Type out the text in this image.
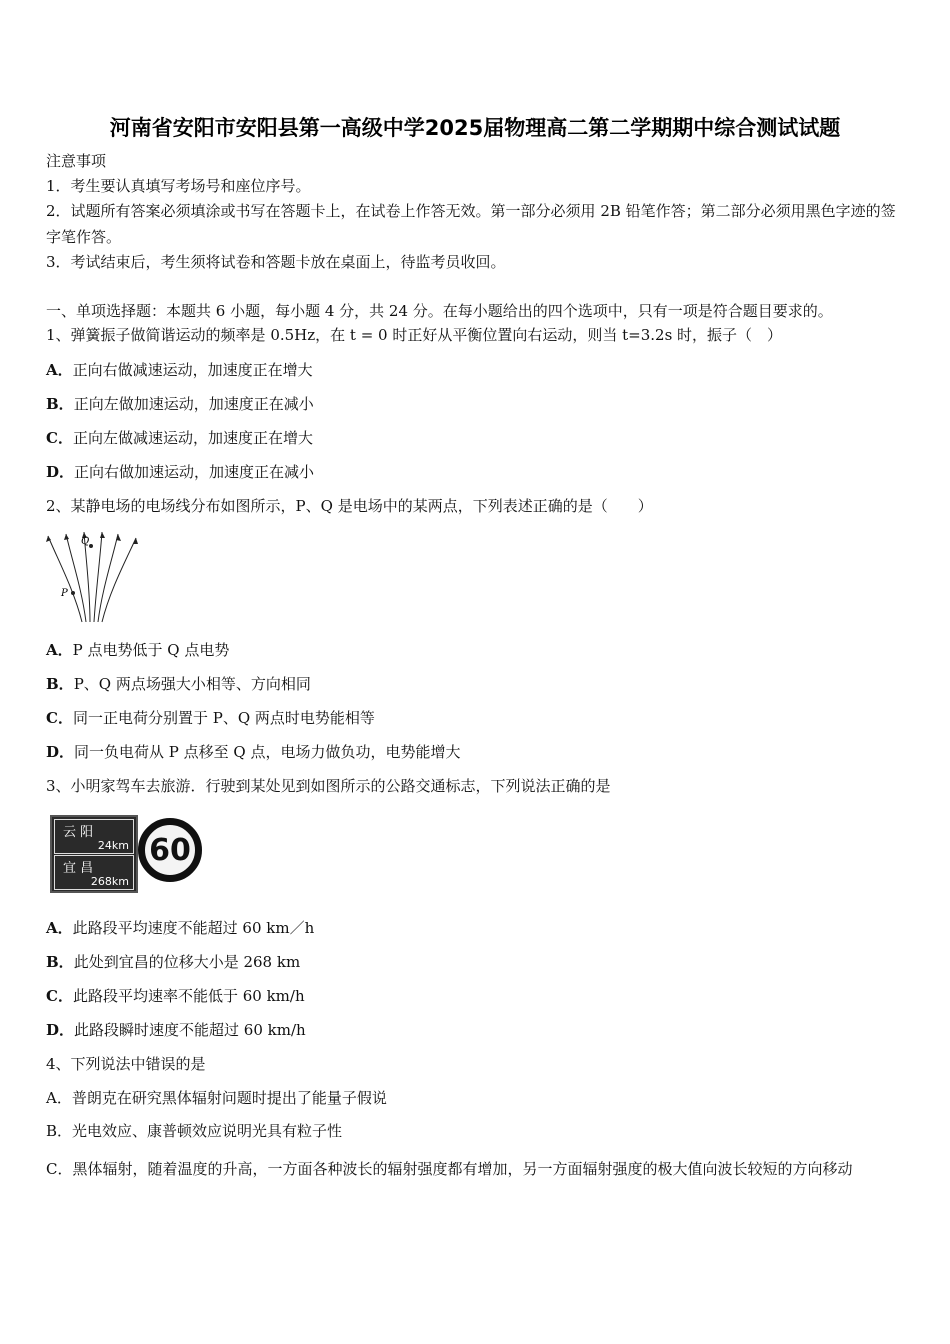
河南省安阳市安阳县第一高级中学2025届物理高二第二学期期中综合测试试题
注意事项
1．考生要认真填写考场号和座位序号。
2．试题所有答案必须填涂或书写在答题卡上，在试卷上作答无效。第一部分必须用 2B 铅笔作答；第二部分必须用黑色字迹的签字笔作答。
3．考试结束后，考生须将试卷和答题卡放在桌面上，待监考员收回。
一、单项选择题：本题共 6 小题，每小题 4 分，共 24 分。在每小题给出的四个选项中，只有一项是符合题目要求的。
1、弹簧振子做简谐运动的频率是 0.5Hz，在 t = 0 时正好从平衡位置向右运动，则当 t=3.2s 时，振子（　）
A．正向右做减速运动，加速度正在增大
B．正向左做加速运动，加速度正在减小
C．正向左做减速运动，加速度正在增大
D．正向右做加速运动，加速度正在减小
2、某静电场的电场线分布如图所示，P、Q 是电场中的某两点，下列表述正确的是（　　）
P
Q
A．P 点电势低于 Q 点电势
B．P、Q 两点场强大小相等、方向相同
C．同一正电荷分别置于 P、Q 两点时电势能相等
D．同一负电荷从 P 点移至 Q 点，电场力做负功，电势能增大
3、小明家驾车去旅游．行驶到某处见到如图所示的公路交通标志，下列说法正确的是
云 阳
24km
宜 昌
268km
60
A．此路段平均速度不能超过 60 km／h
B．此处到宜昌的位移大小是 268 km
C．此路段平均速率不能低于 60 km/h
D．此路段瞬时速度不能超过 60 km/h
4、下列说法中错误的是
A．普朗克在研究黑体辐射问题时提出了能量子假说
B．光电效应、康普顿效应说明光具有粒子性
C．黑体辐射，随着温度的升高，一方面各种波长的辐射强度都有增加，另一方面辐射强度的极大值向波长较短的方向移动
